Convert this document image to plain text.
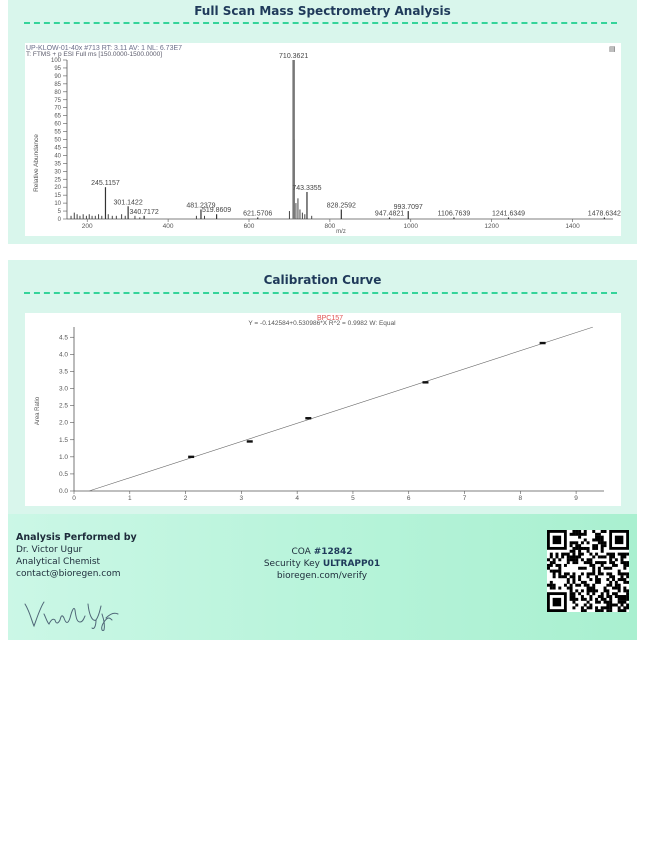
Full Scan Mass Spectrometry Analysis
UP-KLOW-01-40x #713 RT: 3.11 AV: 1 NL: 6.73E7
T: FTMS + p ESI Full ms [150.0000-1500.0000]
▤
Relative Abundance
m/z
0
5
10
15
20
25
30
35
40
45
50
55
60
65
70
75
80
85
90
95
100
200	400	600	800	1000	1200	1400
245.1157
301.1422
340.7172
481.2379
519.8609 621.5706
710.3621
743.3355
828.2592
947.4821
993.7097
1106.7639	1241.6349	1478.6342
Calibration Curve
BPC157
Y = -0.142584+0.530986*X R^2 = 0.9982 W: Equal
Area Ratio
0.0
0.5
1.0
1.5
2.0
2.5
3.0
3.5
4.0
4.5
0	1	2	3	4	5	6	7	8	9
Analysis Performed by
Dr. Victor Ugur
Analytical Chemist
contact@bioregen.com
COA #12842
Security Key ULTRAPP01
bioregen.com/verify
